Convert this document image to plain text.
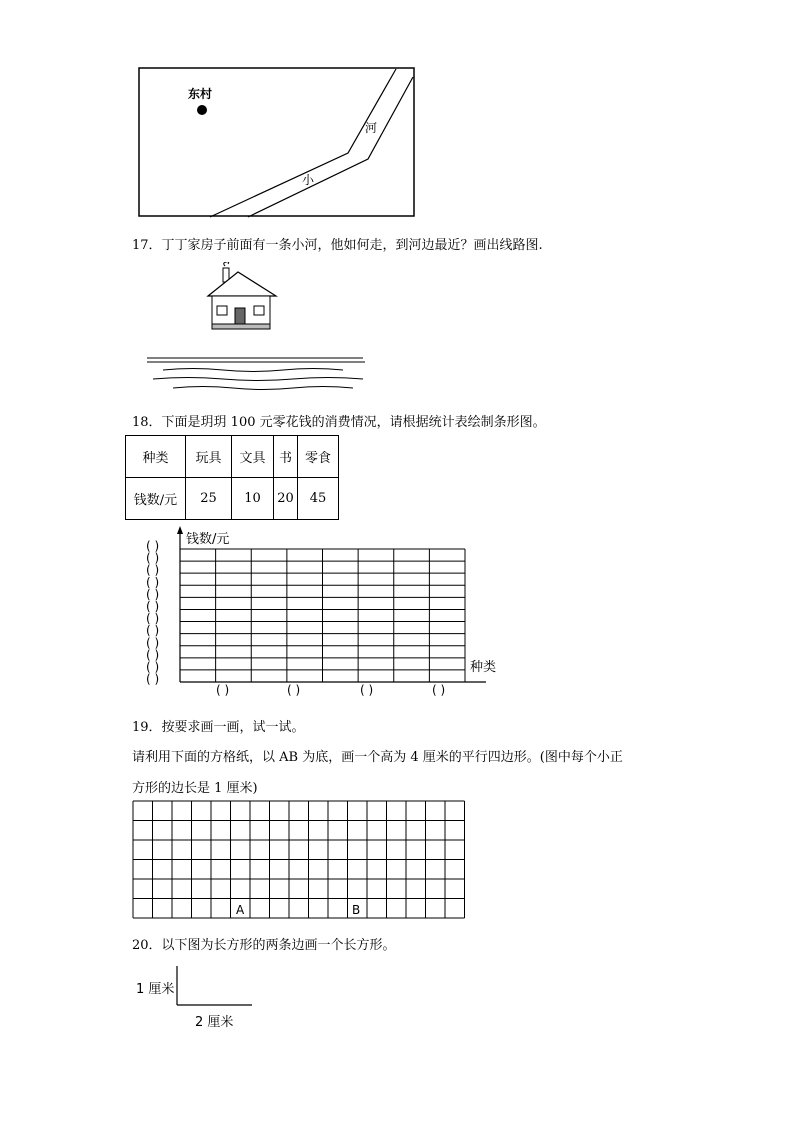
东村
河
小
17．丁丁家房子前面有一条小河，他如何走，到河边最近？画出线路图.
18．下面是玥玥 100 元零花钱的消费情况，请根据统计表绘制条形图。
种类	玩具	文具	书	零食
钱数/元	25	10	20	45
( )
( )
( )
( )
( )
( )
( )
( )
( )
( )
( )
( )
( )	( )	( )	( )
钱数/元
种类
19．按要求画一画，试一试。
请利用下面的方格纸，以 AB 为底，画一个高为 4 厘米的平行四边形。(图中每个小正
方形的边长是 1 厘米)
A	B
20．以下图为长方形的两条边画一个长方形。
1 厘米
2 厘米
